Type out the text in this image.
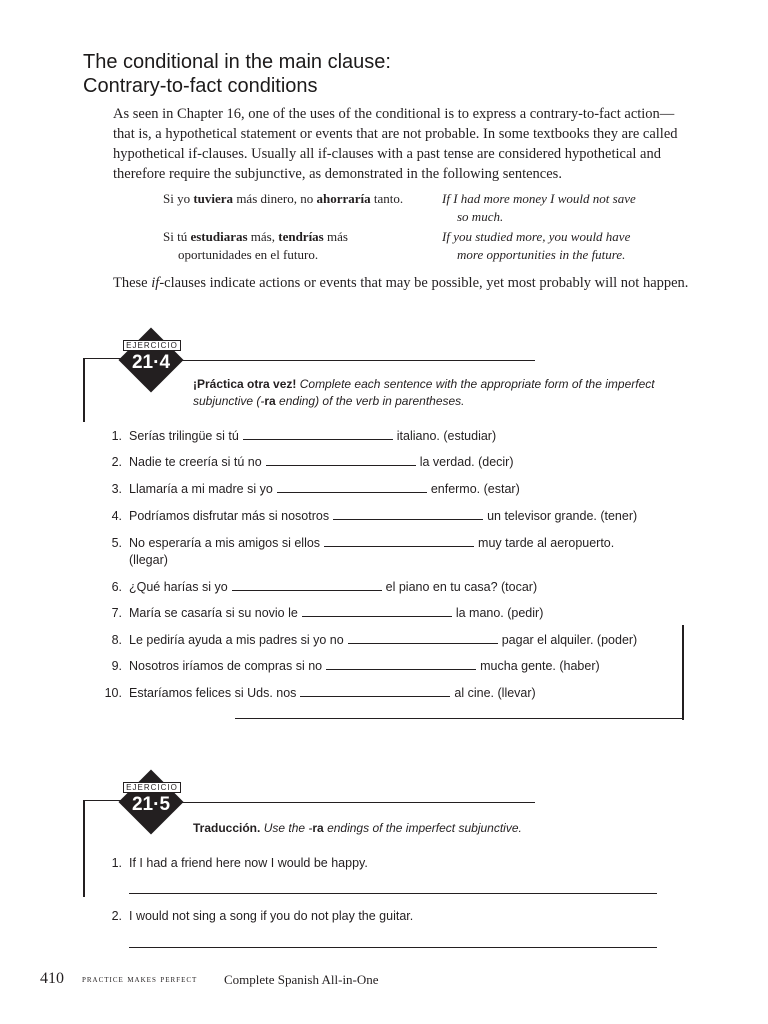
The conditional in the main clause:
Contrary-to-fact conditions
As seen in Chapter 16, one of the uses of the conditional is to express a contrary-to-fact action—
that is, a hypothetical statement or events that are not probable. In some textbooks they are called
hypothetical if-clauses. Usually all if-clauses with a past tense are considered hypothetical and
therefore require the subjunctive, as demonstrated in the following sentences.
Si yo tuviera más dinero, no ahorraría tanto.	If I had more money I would not save
so much.
Si tú estudiaras más, tendrías más
oportunidades en el futuro.
If you studied more, you would have
more opportunities in the future.
These if-clauses indicate actions or events that may be possible, yet most probably will not happen.
EJERCICIO
21·4
¡Práctica otra vez! Complete each sentence with the appropriate form of the imperfect
subjunctive (-ra ending) of the verb in parentheses.
1. Serías trilingüe si tú	italiano. (estudiar)
2. Nadie te creería si tú no	la verdad. (decir)
3. Llamaría a mi madre si yo	enfermo. (estar)
4. Podríamos disfrutar más si nosotros	un televisor grande. (tener)
5. No esperaría a mis amigos si ellos	muy tarde al aeropuerto.
(llegar)
6. ¿Qué harías si yo	el piano en tu casa? (tocar)
7. María se casaría si su novio le	la mano. (pedir)
8. Le pediría ayuda a mis padres si yo no	pagar el alquiler. (poder)
9. Nosotros iríamos de compras si no	mucha gente. (haber)
10. Estaríamos felices si Uds. nos	al cine. (llevar)
EJERCICIO
21·5
Traducción. Use the -ra endings of the imperfect subjunctive.
1. If I had a friend here now I would be happy.
2. I would not sing a song if you do not play the guitar.
410 practice makes perfect Complete Spanish All-in-One
